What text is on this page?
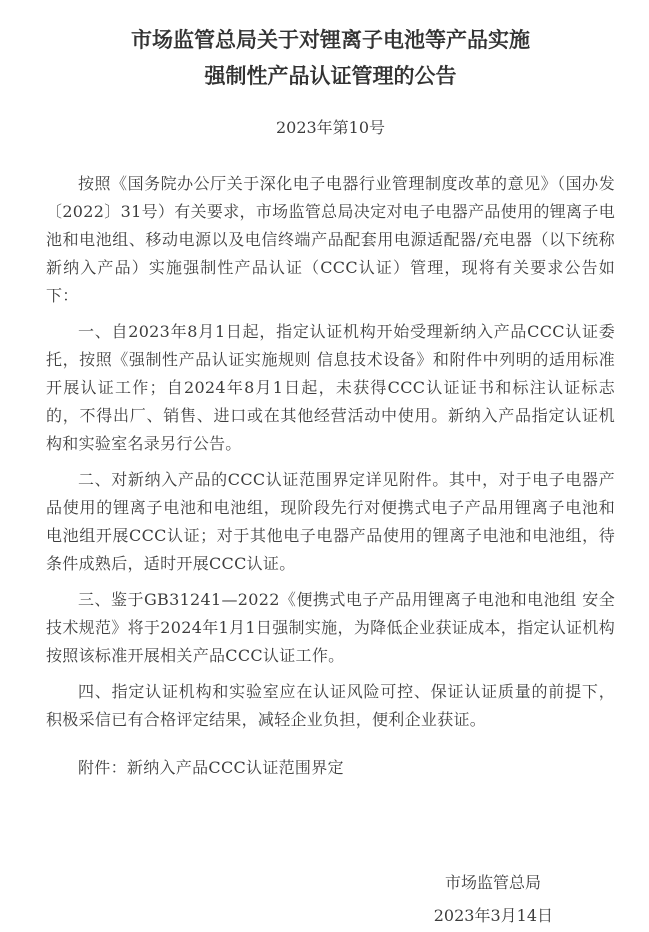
市场监管总局关于对锂离子电池等产品实施
强制性产品认证管理的公告
2023年第10号

按照《国务院办公厅关于深化电子电器行业管理制度改革的意见》（国办发〔2022〕31号）有关要求，市场监管总局决定对电子电器产品使用的锂离子电池和电池组、移动电源以及电信终端产品配套用电源适配器/充电器（以下统称新纳入产品）实施强制性产品认证（CCC认证）管理，现将有关要求公告如下：

一、自2023年8月1日起，指定认证机构开始受理新纳入产品CCC认证委托，按照《强制性产品认证实施规则 信息技术设备》和附件中列明的适用标准开展认证工作；自2024年8月1日起，未获得CCC认证证书和标注认证标志的，不得出厂、销售、进口或在其他经营活动中使用。新纳入产品指定认证机构和实验室名录另行公告。

二、对新纳入产品的CCC认证范围界定详见附件。其中，对于电子电器产品使用的锂离子电池和电池组，现阶段先行对便携式电子产品用锂离子电池和电池组开展CCC认证；对于其他电子电器产品使用的锂离子电池和电池组，待条件成熟后，适时开展CCC认证。

三、鉴于GB31241—2022《便携式电子产品用锂离子电池和电池组 安全技术规范》将于2024年1月1日强制实施，为降低企业获证成本，指定认证机构按照该标准开展相关产品CCC认证工作。

四、指定认证机构和实验室应在认证风险可控、保证认证质量的前提下，积极采信已有合格评定结果，减轻企业负担，便利企业获证。

附件：新纳入产品CCC认证范围界定

市场监管总局
2023年3月14日
